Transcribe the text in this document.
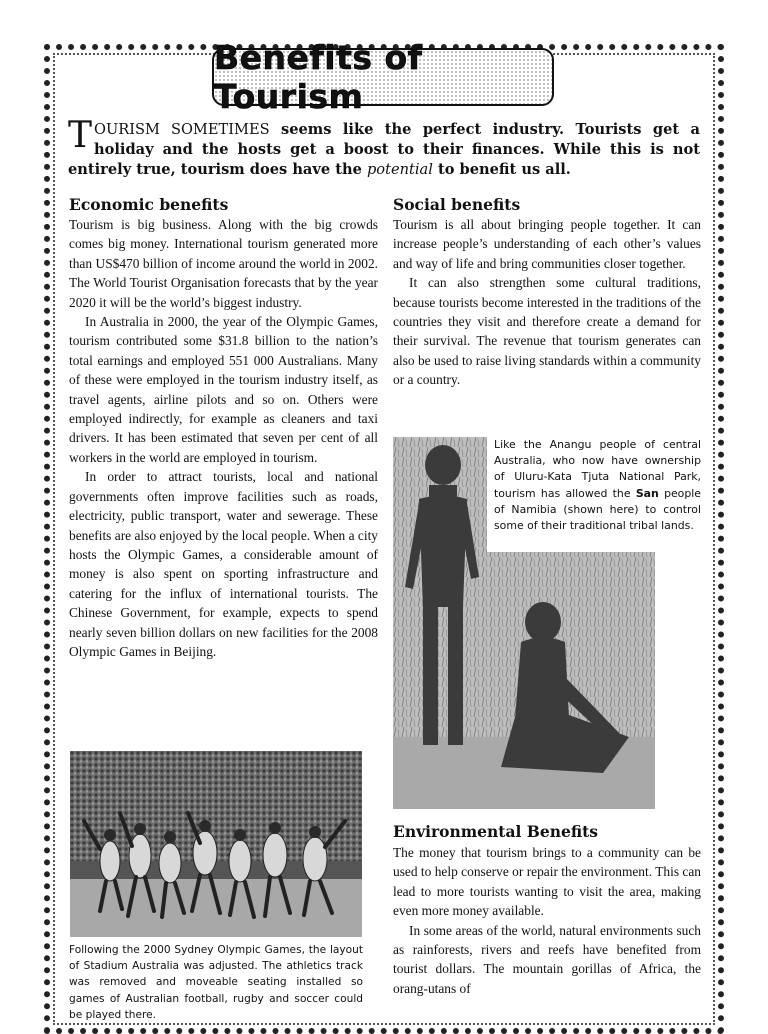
Benefits of Tourism
TOURISM SOMETIMES seems like the perfect industry. Tourists get a holiday and the hosts get a boost to their finances. While this is not entirely true, tourism does have the potential to benefit us all.
Economic benefits

Tourism is big business. Along with the big crowds comes big money. International tourism generated more than US$470 billion of income around the world in 2002. The World Tourist Organisation forecasts that by the year 2020 it will be the world’s biggest industry.

In Australia in 2000, the year of the Olympic Games, tourism contributed some $31.8 billion to the nation’s total earnings and employed 551 000 Australians. Many of these were employed in the tourism industry itself, as travel agents, airline pilots and so on. Others were employed indirectly, for example as cleaners and taxi drivers. It has been estimated that seven per cent of all workers in the world are employed in tourism.

In order to attract tourists, local and national governments often improve facilities such as roads, electricity, public transport, water and sewerage. These benefits are also enjoyed by the local people. When a city hosts the Olympic Games, a considerable amount of money is also spent on sporting infrastructure and catering for the influx of international tourists. The Chinese Government, for example, expects to spend nearly seven billion dollars on new facilities for the 2008 Olympic Games in Beijing.

Following the 2000 Sydney Olympic Games, the layout of Stadium Australia was adjusted. The athletics track was removed and moveable seating installed so games of Australian football, rugby and soccer could be played there.
Social benefits

Tourism is all about bringing people together. It can increase people’s understanding of each other’s values and way of life and bring communities closer together.

It can also strengthen some cultural traditions, because tourists become interested in the traditions of the countries they visit and therefore create a demand for their survival. The revenue that tourism generates can also be used to raise living standards within a community or a country.

Like the Anangu people of central Australia, who now have ownership of Uluru-Kata Tjuta National Park, tourism has allowed the San people of Namibia (shown here) to control some of their traditional tribal lands.
Environmental Benefits

The money that tourism brings to a community can be used to help conserve or repair the environment. This can lead to more tourists wanting to visit the area, making even more money available.

In some areas of the world, natural environments such as rainforests, rivers and reefs have benefited from tourist dollars. The mountain gorillas of Africa, the orang-utans of
